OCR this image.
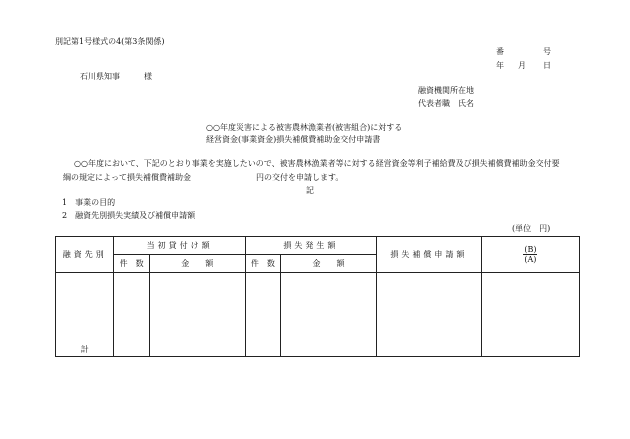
別記第1号様式の4(第3条関係)
番	号
年	月	日
石川県知事	様
融資機関所在地
代表者職　氏名
○○年度災害による被害農林漁業者(被害組合)に対する
経営資金(事業資金)損失補償費補助金交付申請書
○○年度において、下記のとおり事業を実施したいので、被害農林漁業者等に対する経営資金等利子補給費及び損失補償費補助金交付要
綱の規定によって損失補償費補助金	円の交付を申請します。
記
1　事業の目的
2　融資先別損失実績及び補償申請額
(単位　円)
融資先別	当初貸付け額		損失発生額		損失補償申請額	$\frac{(B)}{(A)}$
	件　数	金　　額	件　数	金　　額		
計						
